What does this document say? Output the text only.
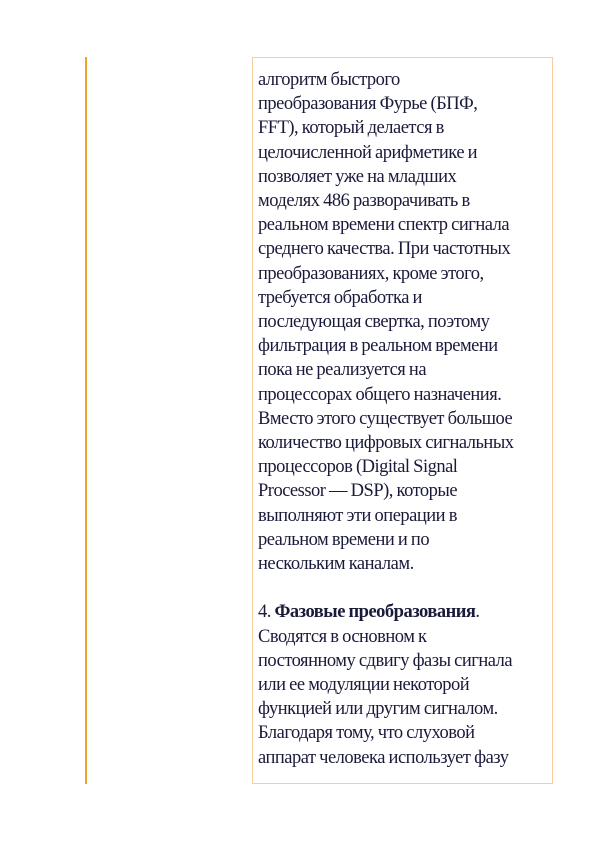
алгоритм быстрого
преобразования Фурье (БПФ,
FFT), который делается в
целочисленной арифметике и
позволяет уже на младших
моделях 486 разворачивать в
реальном времени спектр сигнала
среднего качества. При частотных
преобразованиях, кроме этого,
требуется обработка и
последующая свертка, поэтому
фильтрация в реальном времени
пока не реализуется на
процессорах общего назначения.
Вместо этого существует большое
количество цифровых сигнальных
процессоров (Digital Signal
Processor — DSP), которые
выполняют эти операции в
реальном времени и по
нескольким каналам.

4. Фазовые преобразования.
Сводятся в основном к
постоянному сдвигу фазы сигнала
или ее модуляции некоторой
функцией или другим сигналом.
Благодаря тому, что слуховой
аппарат человека использует фазу
